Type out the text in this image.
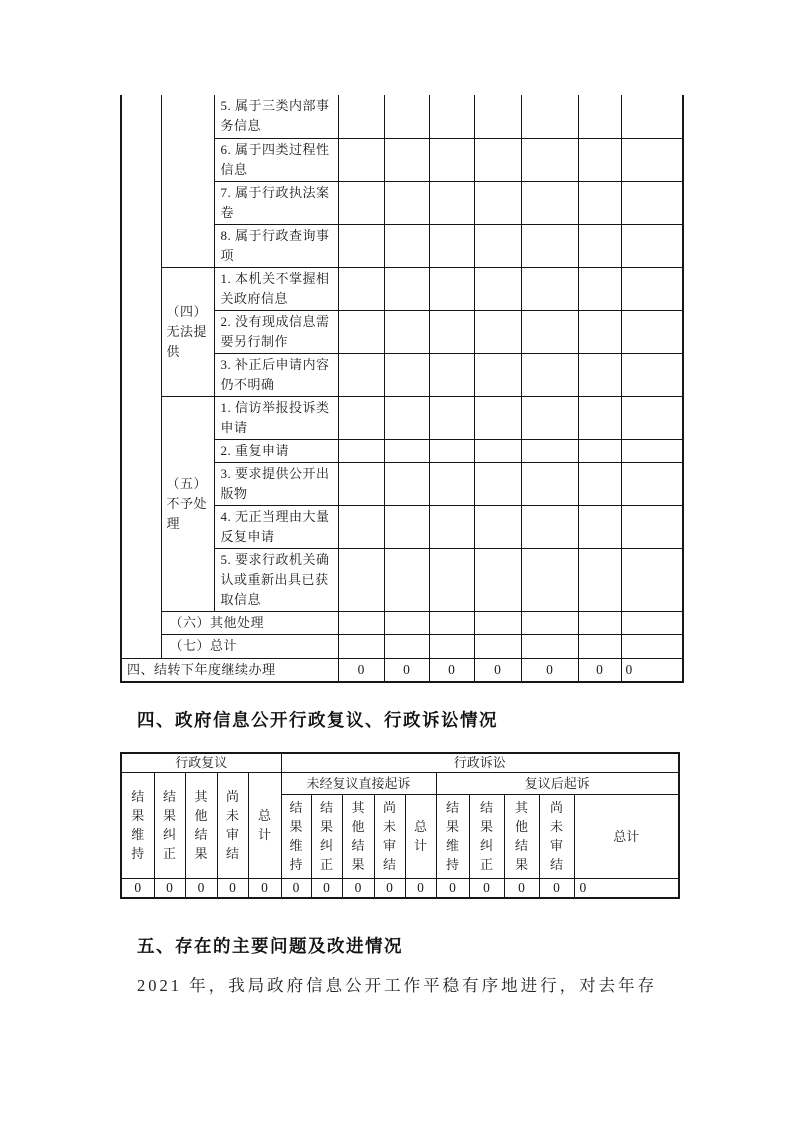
		5. 属于三类内部事务信息							
		6. 属于四类过程性信息							
		7. 属于行政执法案卷							
		8. 属于行政查询事项							
	（四）无法提供	1. 本机关不掌握相关政府信息							
		2. 没有现成信息需要另行制作							
		3. 补正后申请内容仍不明确							
	（五）不予处理	1. 信访举报投诉类申请							
		2. 重复申请							
		3. 要求提供公开出版物							
		4. 无正当理由大量反复申请							
		5. 要求行政机关确认或重新出具已获取信息							
	（六）其他处理								
	（七）总计								
四、结转下年度继续办理			0	0	0	0	0	0	0
四、政府信息公开行政复议、行政诉讼情况
行政复议					行政诉讼									

结果维持	结果纠正	其他结果	尚未审结	总计	未经复议直接起诉					复议后起诉				

					结果维持	结果纠正	其他结果	尚未审结	总计	结果维持	结果纠正	其他结果	尚未审结	总计
0	0	0	0	0	0	0	0	0	0	0	0	0	0	0
五、存在的主要问题及改进情况
2021 年，我局政府信息公开工作平稳有序地进行，对去年存
